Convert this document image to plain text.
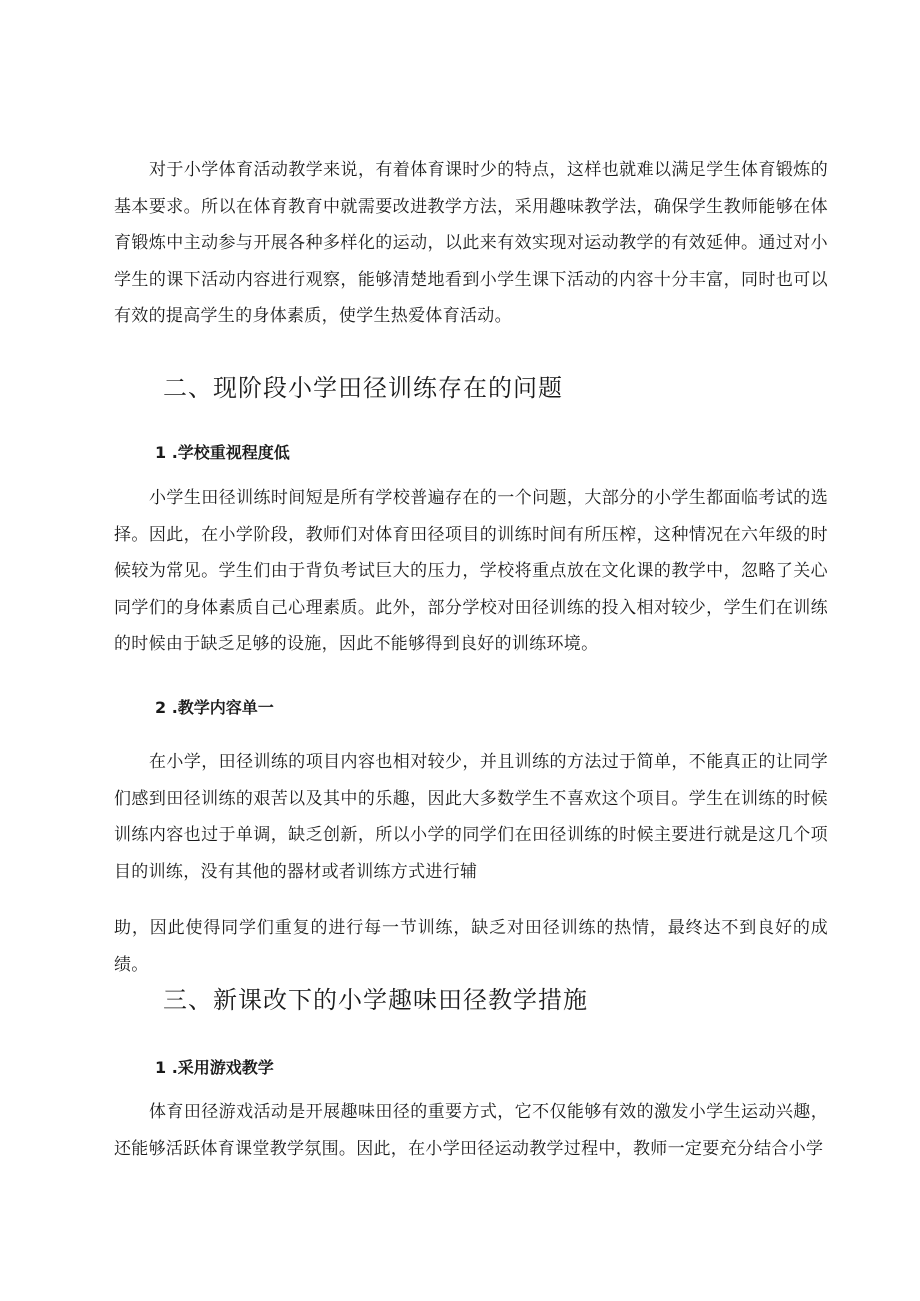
对于小学体育活动教学来说，有着体育课时少的特点，这样也就难以满足学生体育锻炼的基本要求。所以在体育教育中就需要改进教学方法，采用趣味教学法，确保学生教师能够在体育锻炼中主动参与开展各种多样化的运动，以此来有效实现对运动教学的有效延伸。通过对小学生的课下活动内容进行观察，能够清楚地看到小学生课下活动的内容十分丰富，同时也可以有效的提高学生的身体素质，使学生热爱体育活动。

二、现阶段小学田径训练存在的问题
1 .学校重视程度低

小学生田径训练时间短是所有学校普遍存在的一个问题，大部分的小学生都面临考试的选择。因此，在小学阶段，教师们对体育田径项目的训练时间有所压榨，这种情况在六年级的时候较为常见。学生们由于背负考试巨大的压力，学校将重点放在文化课的教学中，忽略了关心同学们的身体素质自己心理素质。此外，部分学校对田径训练的投入相对较少，学生们在训练的时候由于缺乏足够的设施，因此不能够得到良好的训练环境。

2 .教学内容单一

在小学，田径训练的项目内容也相对较少，并且训练的方法过于简单，不能真正的让同学们感到田径训练的艰苦以及其中的乐趣，因此大多数学生不喜欢这个项目。学生在训练的时候训练内容也过于单调，缺乏创新，所以小学的同学们在田径训练的时候主要进行就是这几个项目的训练，没有其他的器材或者训练方式进行辅

助，因此使得同学们重复的进行每一节训练，缺乏对田径训练的热情，最终达不到良好的成绩。

三、新课改下的小学趣味田径教学措施
1 .采用游戏教学

体育田径游戏活动是开展趣味田径的重要方式，它不仅能够有效的激发小学生运动兴趣，还能够活跃体育课堂教学氛围。因此，在小学田径运动教学过程中，教师一定要充分结合小学
